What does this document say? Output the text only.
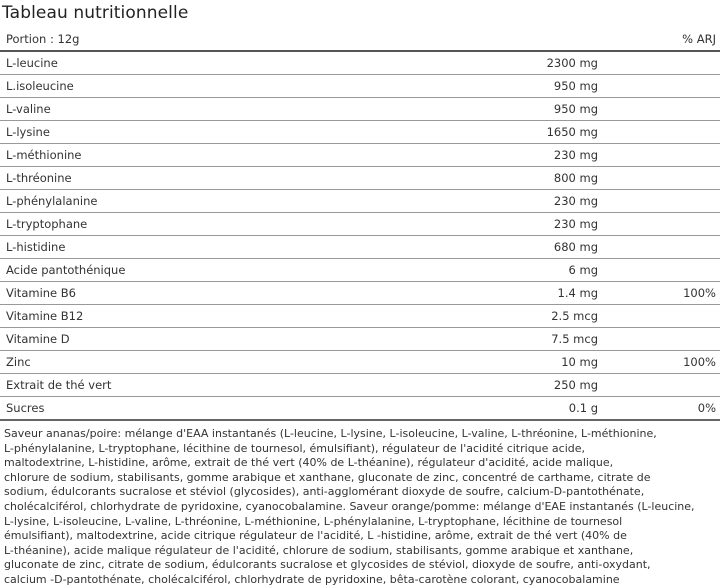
Tableau nutritionnelle
Portion : 12g		% ARJ
L-leucine	2300 mg	
L.isoleucine	950 mg	
L-valine	950 mg	
L-lysine	1650 mg	
L-méthionine	230 mg	
L-thréonine	800 mg	
L-phénylalanine	230 mg	
L-tryptophane	230 mg	
L-histidine	680 mg	
Acide pantothénique	6 mg	
Vitamine B6	1.4 mg	100%
Vitamine B12	2.5 mcg	
Vitamine D	7.5 mcg	
Zinc	10 mg	100%
Extrait de thé vert	250 mg	
Sucres	0.1 g	0%
Saveur ananas/poire: mélange d'EAA instantanés (L-leucine, L-lysine, L-isoleucine, L-valine, L-thréonine, L-méthionine,
L-phénylalanine, L-tryptophane, lécithine de tournesol, émulsifiant), régulateur de l'acidité citrique acide,
maltodextrine, L-histidine, arôme, extrait de thé vert (40% de L-théanine), régulateur d'acidité, acide malique,
chlorure de sodium, stabilisants, gomme arabique et xanthane, gluconate de zinc, concentré de carthame, citrate de
sodium, édulcorants sucralose et stéviol (glycosides), anti-agglomérant dioxyde de soufre, calcium-D-pantothénate,
cholécalciférol, chlorhydrate de pyridoxine, cyanocobalamine. Saveur orange/pomme: mélange d'EAE instantanés (L-leucine,
L-lysine, L-isoleucine, L-valine, L-thréonine, L-méthionine, L-phénylalanine, L-tryptophane, lécithine de tournesol
émulsifiant), maltodextrine, acide citrique régulateur de l'acidité, L -histidine, arôme, extrait de thé vert (40% de
L-théanine), acide malique régulateur de l'acidité, chlorure de sodium, stabilisants, gomme arabique et xanthane,
gluconate de zinc, citrate de sodium, édulcorants sucralose et glycosides de stéviol, dioxyde de soufre, anti-oxydant,
calcium -D-pantothénate, cholécalciférol, chlorhydrate de pyridoxine, bêta-carotène colorant, cyanocobalamine
